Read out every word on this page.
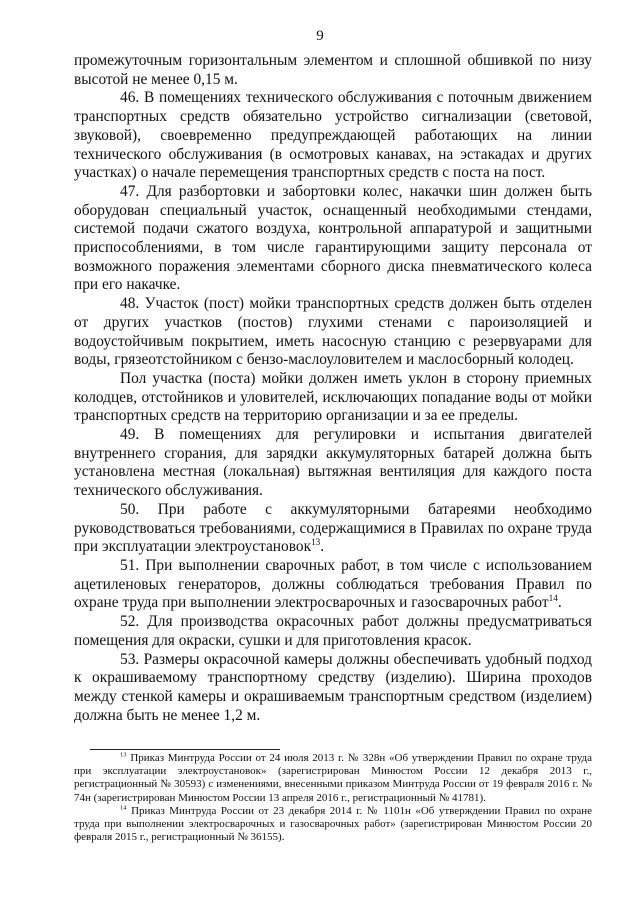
9

промежуточным горизонтальным элементом и сплошной обшивкой по низу высотой не менее 0,15 м.

46. В помещениях технического обслуживания с поточным движением транспортных средств обязательно устройство сигнализации (световой, звуковой), своевременно предупреждающей работающих на линии технического обслуживания (в осмотровых канавах, на эстакадах и других участках) о начале перемещения транспортных средств с поста на пост.

47. Для разбортовки и забортовки колес, накачки шин должен быть оборудован специальный участок, оснащенный необходимыми стендами, системой подачи сжатого воздуха, контрольной аппаратурой и защитными приспособлениями, в том числе гарантирующими защиту персонала от возможного поражения элементами сборного диска пневматического колеса при его накачке.

48. Участок (пост) мойки транспортных средств должен быть отделен от других участков (постов) глухими стенами с пароизоляцией и водоустойчивым покрытием, иметь насосную станцию с резервуарами для воды, грязеотстойником с бензо-маслоуловителем и маслосборный колодец.

Пол участка (поста) мойки должен иметь уклон в сторону приемных колодцев, отстойников и уловителей, исключающих попадание воды от мойки транспортных средств на территорию организации и за ее пределы.

49. В помещениях для регулировки и испытания двигателей внутреннего сгорания, для зарядки аккумуляторных батарей должна быть установлена местная (локальная) вытяжная вентиляция для каждого поста технического обслуживания.

50. При работе с аккумуляторными батареями необходимо руководствоваться требованиями, содержащимися в Правилах по охране труда при эксплуатации электроустановок$^{13}$.

51. При выполнении сварочных работ, в том числе с использованием ацетиленовых генераторов, должны соблюдаться требования Правил по охране труда при выполнении электросварочных и газосварочных работ$^{14}$.

52. Для производства окрасочных работ должны предусматриваться помещения для окраски, сушки и для приготовления красок.

53. Размеры окрасочной камеры должны обеспечивать удобный подход к окрашиваемому транспортному средству (изделию). Ширина проходов между стенкой камеры и окрашиваемым транспортным средством (изделием) должна быть не менее 1,2 м.

$^{13}$ Приказ Минтруда России от 24 июля 2013 г. № 328н «Об утверждении Правил по охране труда при эксплуатации электроустановок» (зарегистрирован Минюстом России 12 декабря 2013 г., регистрационный № 30593) с изменениями, внесенными приказом Минтруда России от 19 февраля 2016 г. № 74н (зарегистрирован Минюстом России 13 апреля 2016 г., регистрационный № 41781).

$^{14}$ Приказ Минтруда России от 23 декабря 2014 г. № 1101н «Об утверждении Правил по охране труда при выполнении электросварочных и газосварочных работ» (зарегистрирован Минюстом России 20 февраля 2015 г., регистрационный № 36155).
